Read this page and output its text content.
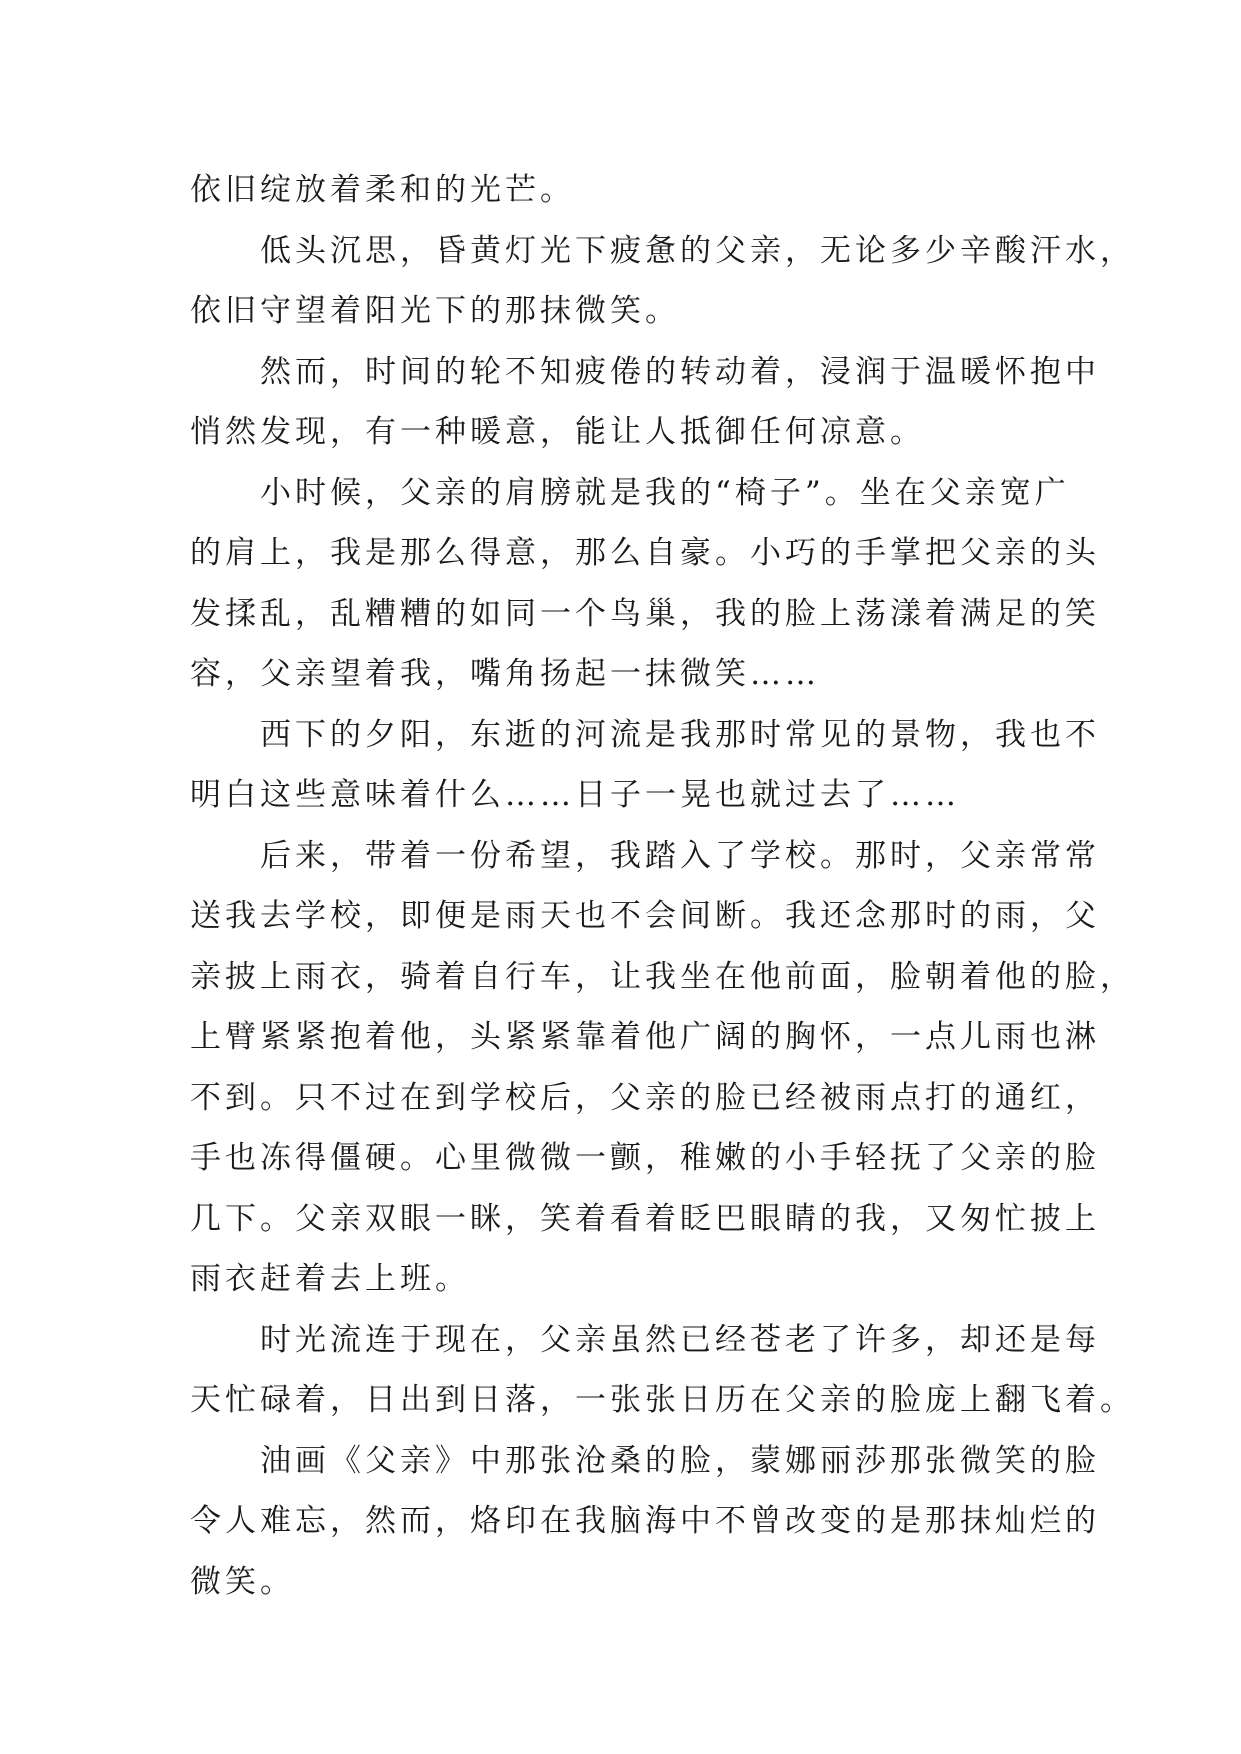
依旧绽放着柔和的光芒。
低头沉思，昏黄灯光下疲惫的父亲，无论多少辛酸汗水，
依旧守望着阳光下的那抹微笑。
然而，时间的轮不知疲倦的转动着，浸润于温暖怀抱中
悄然发现，有一种暖意，能让人抵御任何凉意。
小时候，父亲的肩膀就是我的“椅子”。坐在父亲宽广
的肩上，我是那么得意，那么自豪。小巧的手掌把父亲的头
发揉乱，乱糟糟的如同一个鸟巢，我的脸上荡漾着满足的笑
容，父亲望着我，嘴角扬起一抹微笑……
西下的夕阳，东逝的河流是我那时常见的景物，我也不
明白这些意味着什么……日子一晃也就过去了……
后来，带着一份希望，我踏入了学校。那时，父亲常常
送我去学校，即便是雨天也不会间断。我还念那时的雨，父
亲披上雨衣，骑着自行车，让我坐在他前面，脸朝着他的脸，
上臂紧紧抱着他，头紧紧靠着他广阔的胸怀，一点儿雨也淋
不到。只不过在到学校后，父亲的脸已经被雨点打的通红，
手也冻得僵硬。心里微微一颤，稚嫩的小手轻抚了父亲的脸
几下。父亲双眼一眯，笑着看着眨巴眼睛的我，又匆忙披上
雨衣赶着去上班。
时光流连于现在，父亲虽然已经苍老了许多，却还是每
天忙碌着，日出到日落，一张张日历在父亲的脸庞上翻飞着。
油画《父亲》中那张沧桑的脸，蒙娜丽莎那张微笑的脸
令人难忘，然而，烙印在我脑海中不曾改变的是那抹灿烂的
微笑。
